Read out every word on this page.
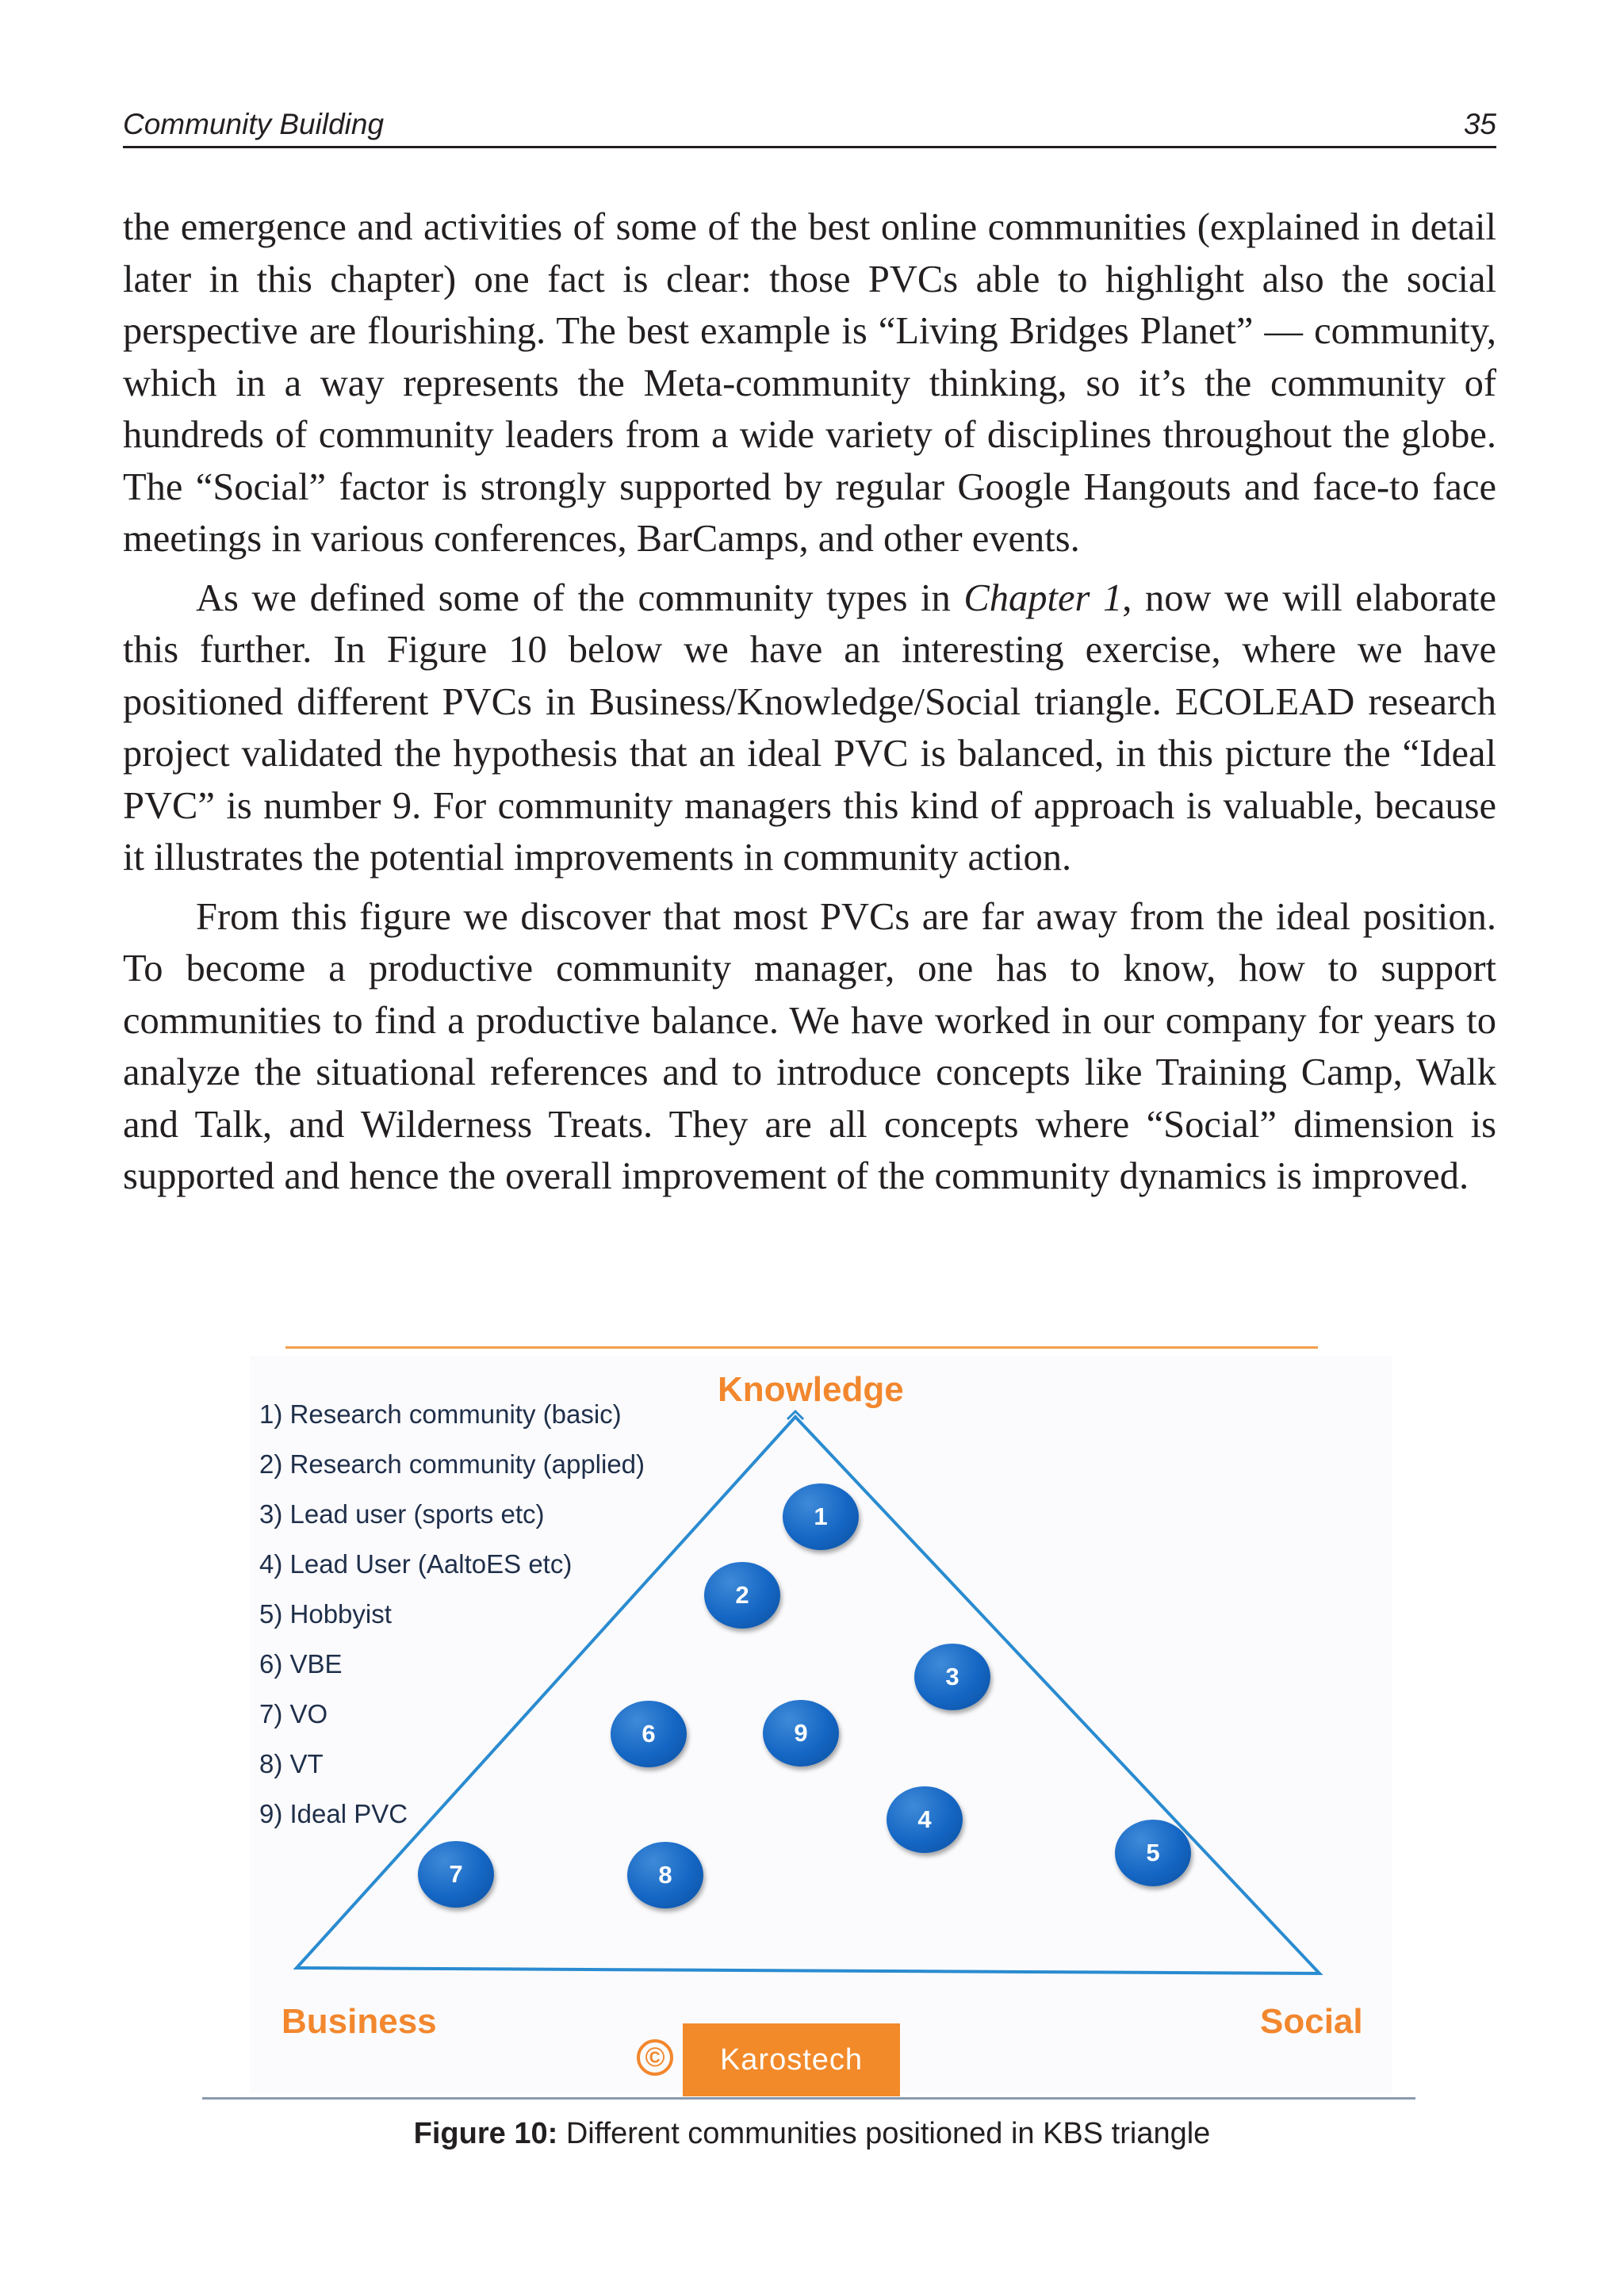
Community Building	35

the emergence and activities of some of the best online communities (explained in detail later in this chapter) one fact is clear: those PVCs able to highlight also the social perspective are flourishing. The best example is “Living Bridges Planet” — community, which in a way represents the Meta-community thinking, so it’s the community of hundreds of community leaders from a wide variety of disciplines throughout the globe. The “Social” factor is strongly supported by regular Google Hangouts and face-to face meetings in various conferences, BarCamps, and other events.

As we defined some of the community types in Chapter 1, now we will elaborate this further. In Figure 10 below we have an interesting exercise, where we have positioned different PVCs in Business/Knowledge/Social triangle. ECOLEAD research project validated the hypothesis that an ideal PVC is balanced, in this picture the “Ideal PVC” is number 9. For community managers this kind of approach is valuable, because it illustrates the potential improvements in community action.

From this figure we discover that most PVCs are far away from the ideal position. To become a productive community manager, one has to know, how to support communities to find a productive balance. We have worked in our company for years to analyze the situational references and to introduce concepts like Training Camp, Walk and Talk, and Wilderness Treats. They are all concepts where “Social” dimension is supported and hence the overall improvement of the community dynamics is improved.

1) Research community (basic)
2) Research community (applied)
3) Lead user (sports etc)
4) Lead User (AaltoES etc)
5) Hobbyist
6) VBE
7) VO
8) VT
9) Ideal PVC
Knowledge
Business	Social
1
2
3
4
5
6
7	8
9
©	Karostech
Figure 10: Different communities positioned in KBS triangle
